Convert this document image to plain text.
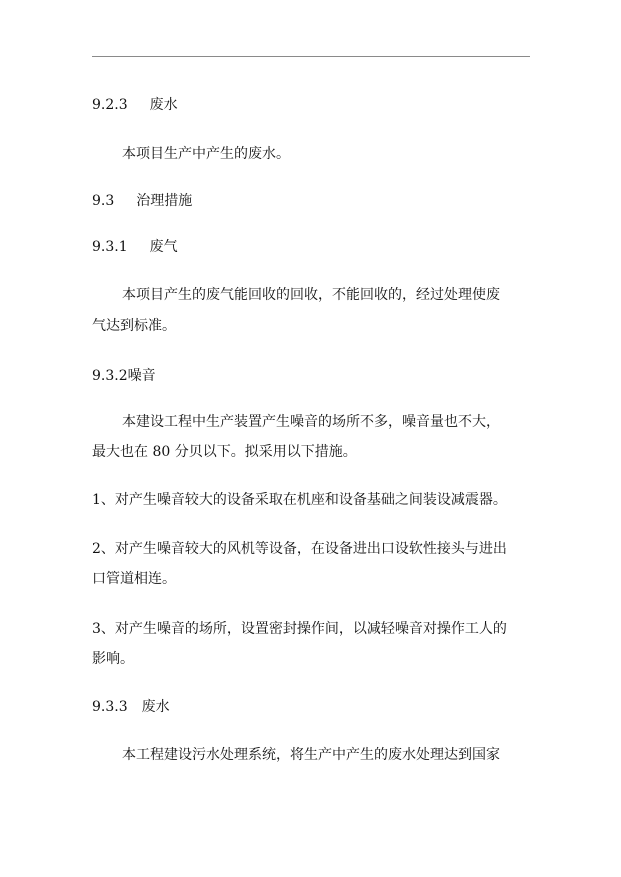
9.2.3 废水
本项目生产中产生的废水。
9.3 治理措施
9.3.1 废气
本项目产生的废气能回收的回收，不能回收的，经过处理使废
气达到标准。
9.3.2噪音
本建设工程中生产装置产生噪音的场所不多，噪音量也不大，
最大也在 80 分贝以下。拟采用以下措施。
1、对产生噪音较大的设备采取在机座和设备基础之间装设减震器。
2、对产生噪音较大的风机等设备，在设备进出口设软性接头与进出
口管道相连。
3、对产生噪音的场所，设置密封操作间，以减轻噪音对操作工人的
影响。
9.3.3 废水
本工程建设污水处理系统，将生产中产生的废水处理达到国家
